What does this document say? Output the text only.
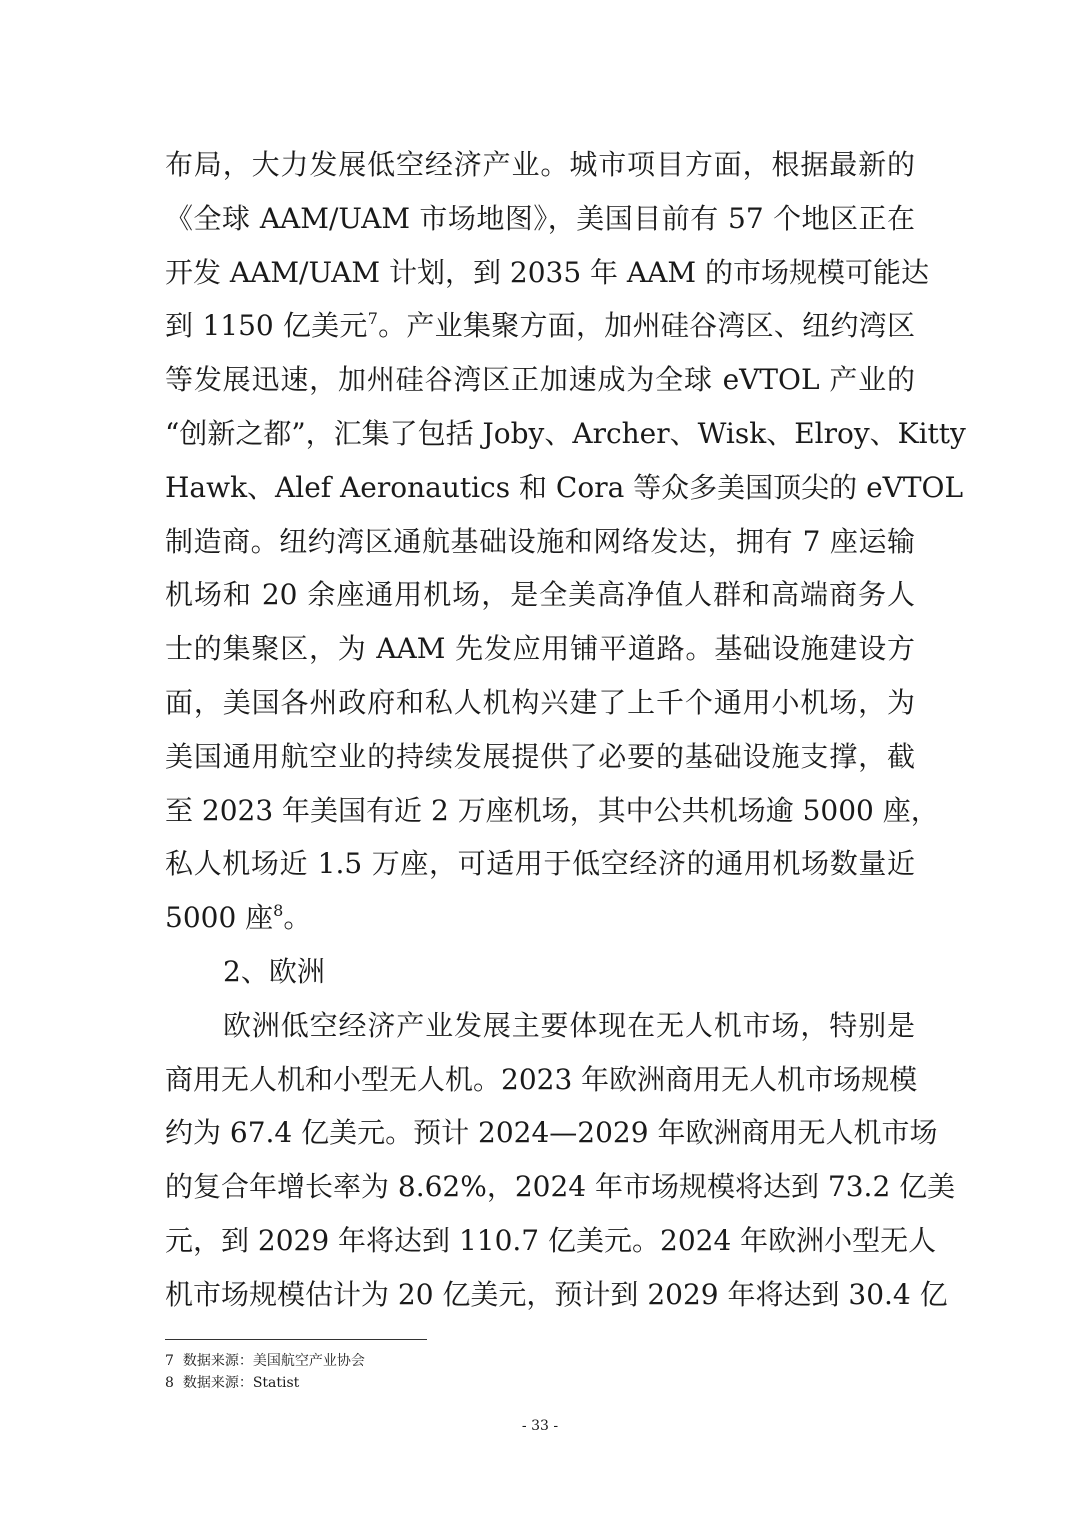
布局，大力发展低空经济产业。城市项目方面，根据最新的
《全球 AAM/UAM 市场地图》，美国目前有 57 个地区正在
开发 AAM/UAM 计划，到 2035 年 AAM 的市场规模可能达
到 1150 亿美元$^7$。产业集聚方面，加州硅谷湾区、纽约湾区
等发展迅速，加州硅谷湾区正加速成为全球 eVTOL 产业的
“创新之都”，汇集了包括 Joby、Archer、Wisk、Elroy、Kitty
Hawk、Alef Aeronautics 和 Cora 等众多美国顶尖的 eVTOL
制造商。纽约湾区通航基础设施和网络发达，拥有 7 座运输
机场和 20 余座通用机场，是全美高净值人群和高端商务人
士的集聚区，为 AAM 先发应用铺平道路。基础设施建设方
面，美国各州政府和私人机构兴建了上千个通用小机场，为
美国通用航空业的持续发展提供了必要的基础设施支撑，截
至 2023 年美国有近 2 万座机场，其中公共机场逾 5000 座，
私人机场近 1.5 万座，可适用于低空经济的通用机场数量近
5000 座$^8$。
2、欧洲
欧洲低空经济产业发展主要体现在无人机市场，特别是
商用无人机和小型无人机。2023 年欧洲商用无人机市场规模
约为 67.4 亿美元。预计 2024—2029 年欧洲商用无人机市场
的复合年增长率为 8.62%，2024 年市场规模将达到 73.2 亿美
元，到 2029 年将达到 110.7 亿美元。2024 年欧洲小型无人
机市场规模估计为 20 亿美元，预计到 2029 年将达到 30.4 亿
7 数据来源：美国航空产业协会
8 数据来源：Statist
- 33 -
